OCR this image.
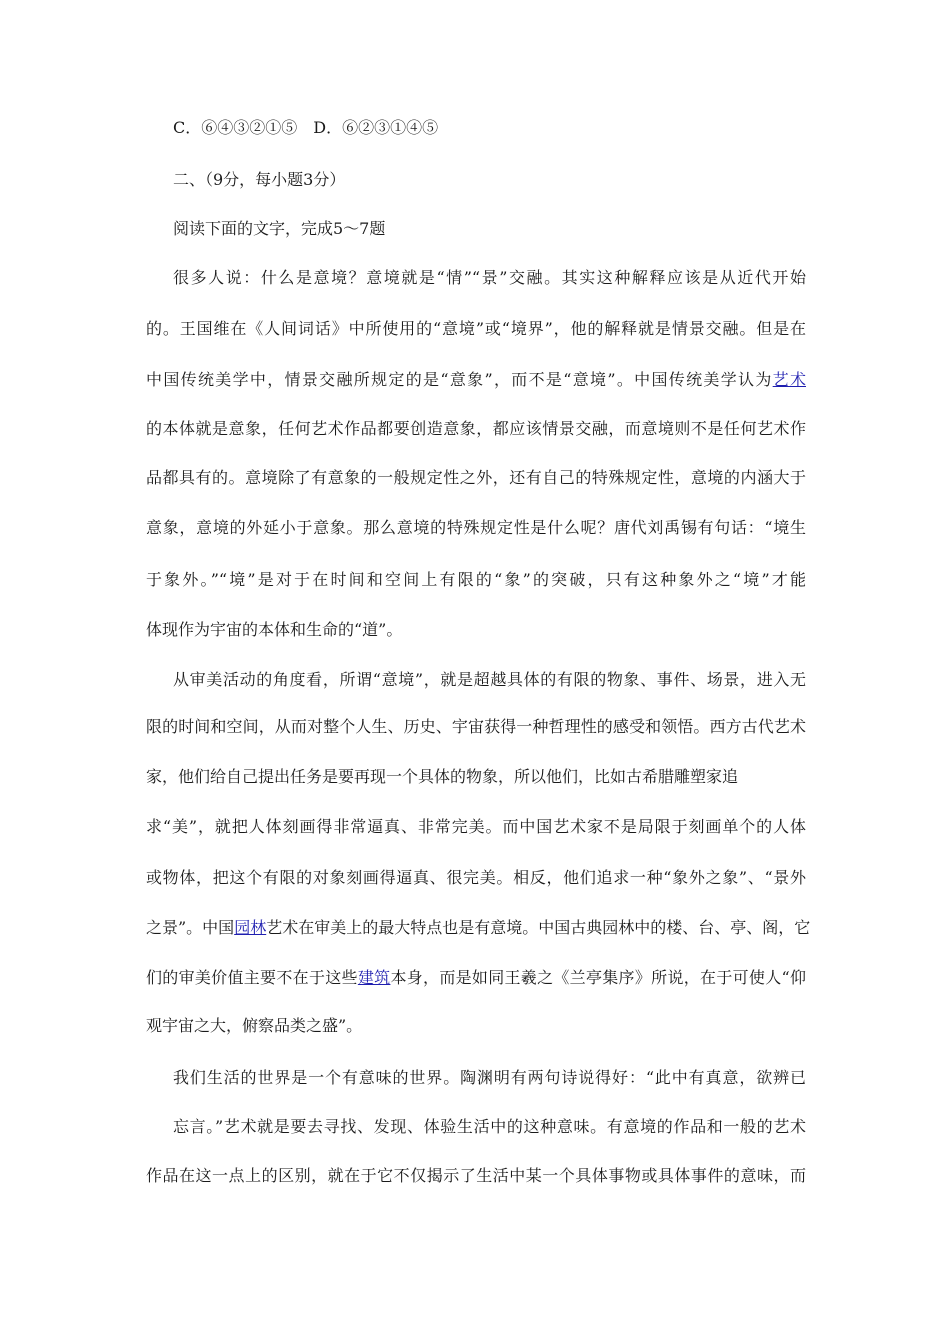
C．⑥④③②①⑤　D．⑥②③①④⑤
二、（9分，每小题3分）
阅读下面的文字，完成5～7题
很多人说：什么是意境？意境就是“情”“景”交融。其实这种解释应该是从近代开始
的。王国维在《人间词话》中所使用的“意境”或“境界”，他的解释就是情景交融。但是在
中国传统美学中，情景交融所规定的是“意象”，而不是“意境”。中国传统美学认为艺术
的本体就是意象，任何艺术作品都要创造意象，都应该情景交融，而意境则不是任何艺术作
品都具有的。意境除了有意象的一般规定性之外，还有自己的特殊规定性，意境的内涵大于
意象，意境的外延小于意象。那么意境的特殊规定性是什么呢？唐代刘禹锡有句话：“境生
于象外。”“境”是对于在时间和空间上有限的“象”的突破，只有这种象外之“境”才能
体现作为宇宙的本体和生命的“道”。
从审美活动的角度看，所谓“意境”，就是超越具体的有限的物象、事件、场景，进入无
限的时间和空间，从而对整个人生、历史、宇宙获得一种哲理性的感受和领悟。西方古代艺术
家，他们给自己提出任务是要再现一个具体的物象，所以他们，比如古希腊雕塑家追
求“美”，就把人体刻画得非常逼真、非常完美。而中国艺术家不是局限于刻画单个的人体
或物体，把这个有限的对象刻画得逼真、很完美。相反，他们追求一种“象外之象”、“景外
之景”。中国园林艺术在审美上的最大特点也是有意境。中国古典园林中的楼、台、亭、阁，它
们的审美价值主要不在于这些建筑本身，而是如同王羲之《兰亭集序》所说，在于可使人“仰
观宇宙之大，俯察品类之盛”。
我们生活的世界是一个有意味的世界。陶渊明有两句诗说得好：“此中有真意，欲辨已
忘言。”艺术就是要去寻找、发现、体验生活中的这种意味。有意境的作品和一般的艺术
作品在这一点上的区别，就在于它不仅揭示了生活中某一个具体事物或具体事件的意味，而
